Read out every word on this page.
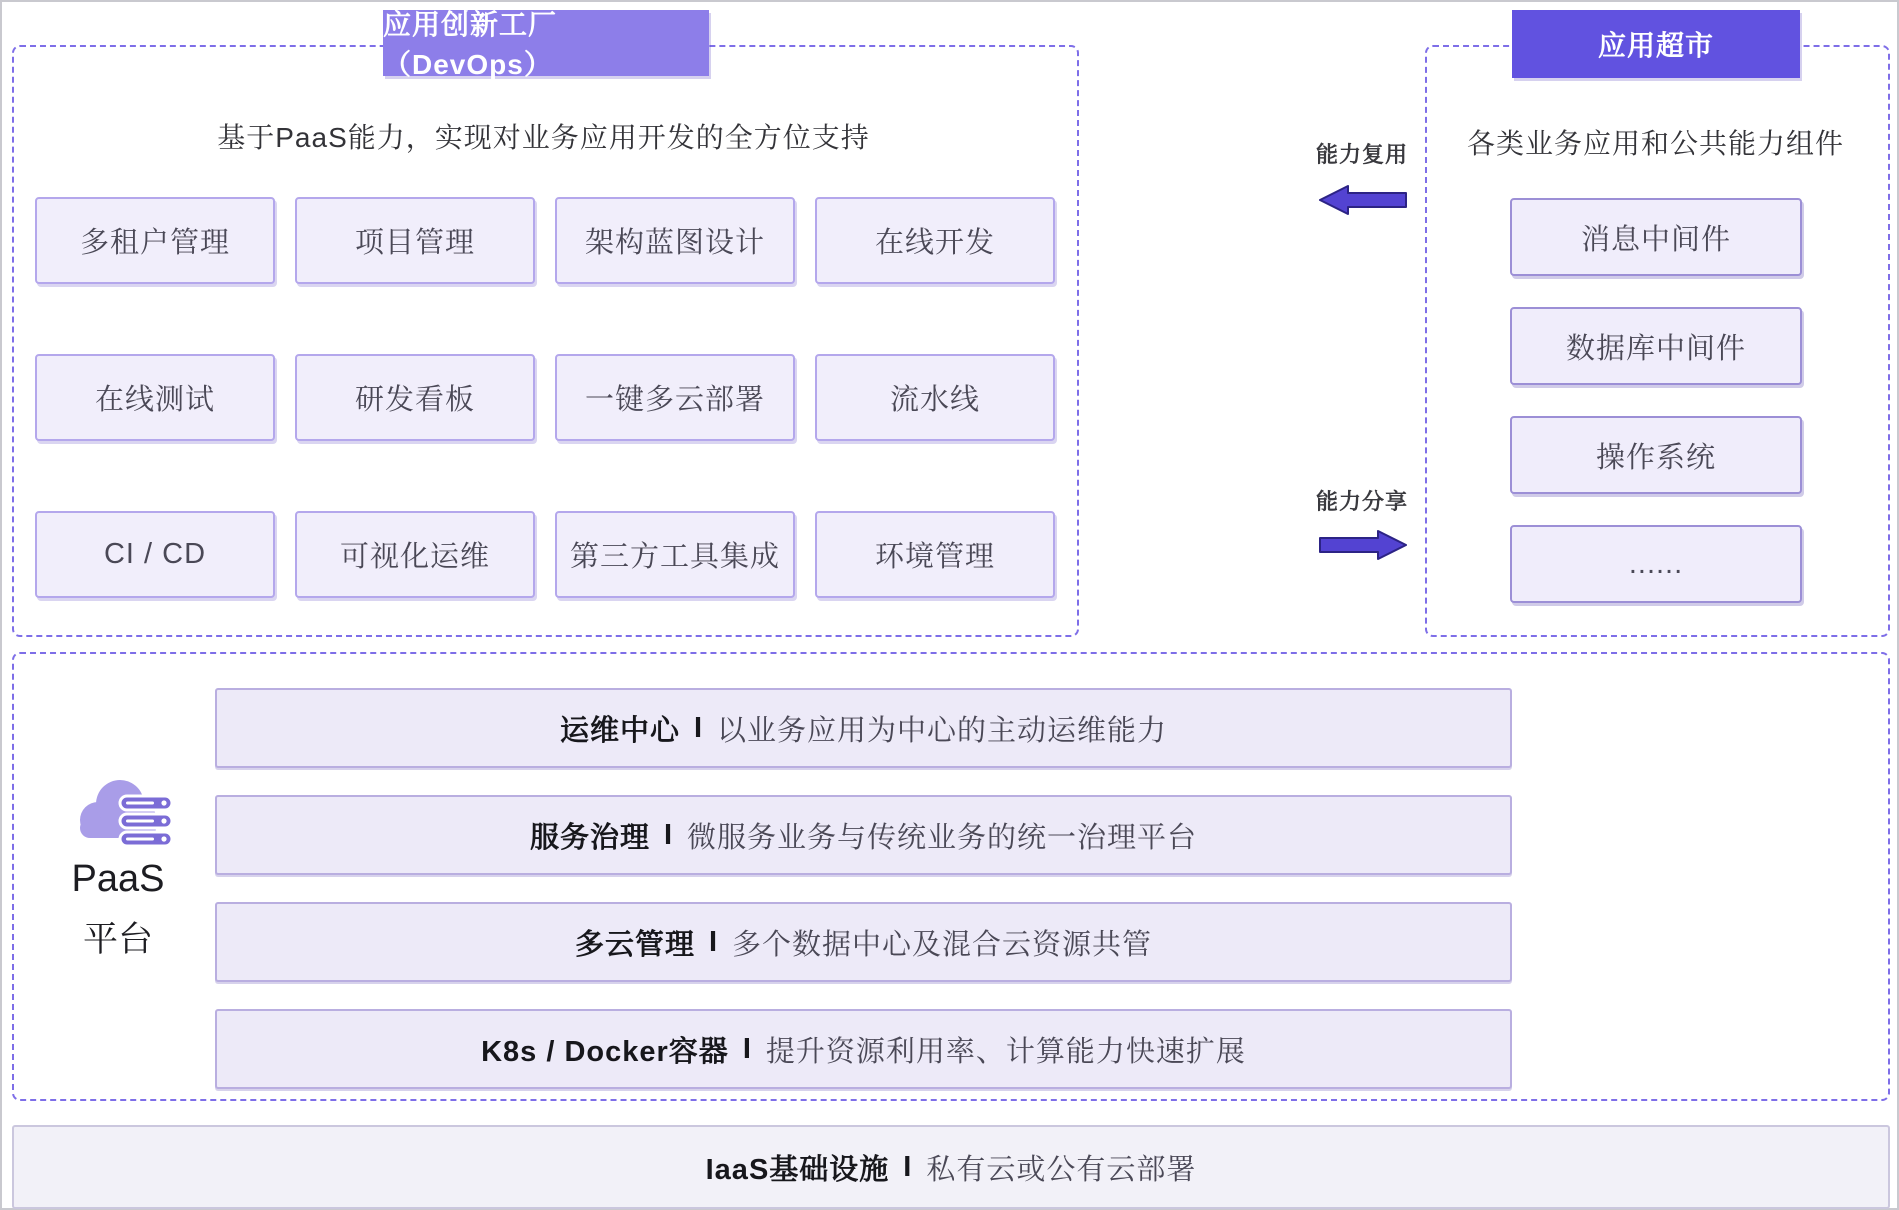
应用创新工厂（DevOps）
基于PaaS能力，实现对业务应用开发的全方位支持
多租户管理	项目管理	架构蓝图设计	在线开发
在线测试	研发看板	一键多云部署	流水线
CI / CD	可视化运维	第三方工具集成	环境管理
能力复用
能力分享
应用超市
各类业务应用和公共能力组件
消息中间件
数据库中间件
操作系统
......
PaaS
平台
运维中心 I 以业务应用为中心的主动运维能力
服务治理 I 微服务业务与传统业务的统一治理平台
多云管理 I 多个数据中心及混合云资源共管
K8s / Docker容器 I 提升资源利用率、计算能力快速扩展
IaaS基础设施 I 私有云或公有云部署
